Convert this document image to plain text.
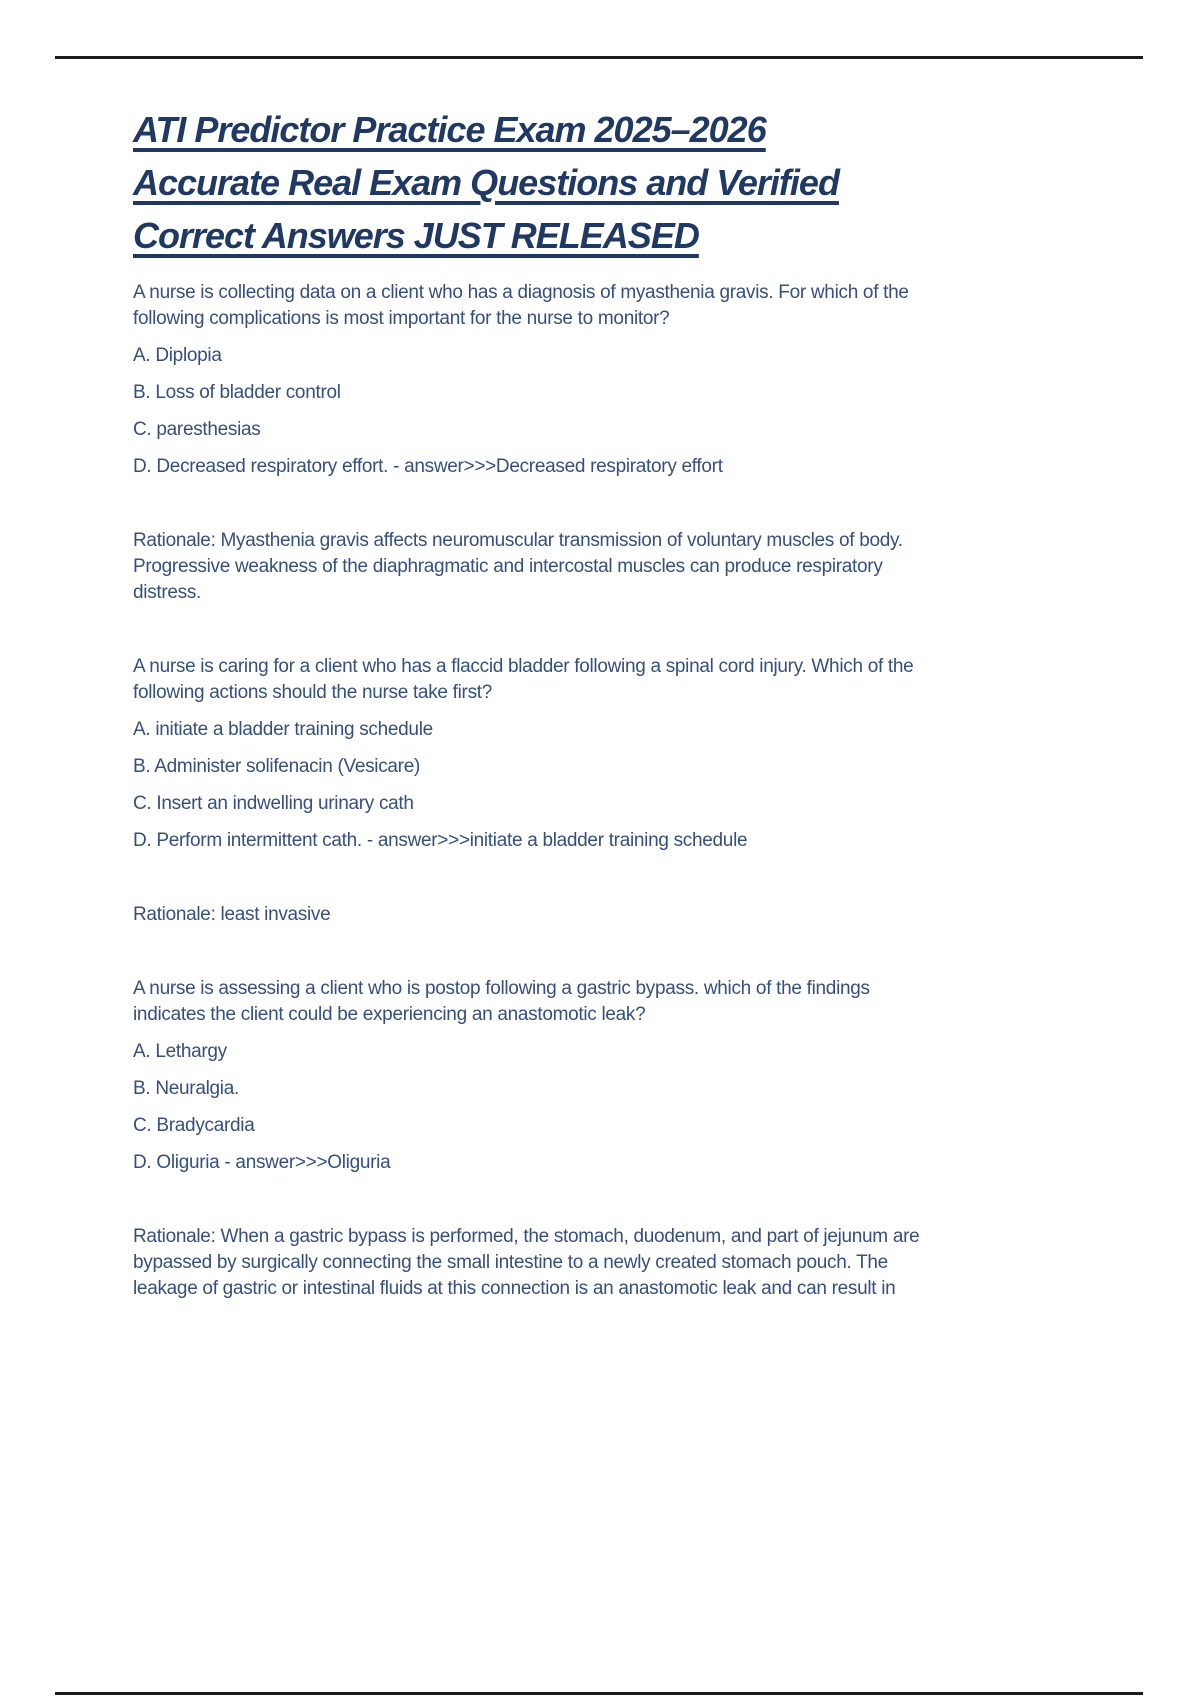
ATI Predictor Practice Exam 2025–2026
Accurate Real Exam Questions and Verified
Correct Answers JUST RELEASED

A nurse is collecting data on a client who has a diagnosis of myasthenia gravis. For which of the following complications is most important for the nurse to monitor?

A. Diplopia

B. Loss of bladder control

C. paresthesias

D. Decreased respiratory effort. - answer>>>Decreased respiratory effort

Rationale: Myasthenia gravis affects neuromuscular transmission of voluntary muscles of body. Progressive weakness of the diaphragmatic and intercostal muscles can produce respiratory distress.

A nurse is caring for a client who has a flaccid bladder following a spinal cord injury. Which of the following actions should the nurse take first?

A. initiate a bladder training schedule

B. Administer solifenacin (Vesicare)

C. Insert an indwelling urinary cath

D. Perform intermittent cath. - answer>>>initiate a bladder training schedule

Rationale: least invasive

A nurse is assessing a client who is postop following a gastric bypass. which of the findings indicates the client could be experiencing an anastomotic leak?

A. Lethargy

B. Neuralgia.

C. Bradycardia

D. Oliguria - answer>>>Oliguria

Rationale: When a gastric bypass is performed, the stomach, duodenum, and part of jejunum are bypassed by surgically connecting the small intestine to a newly created stomach pouch. The leakage of gastric or intestinal fluids at this connection is an anastomotic leak and can result in
